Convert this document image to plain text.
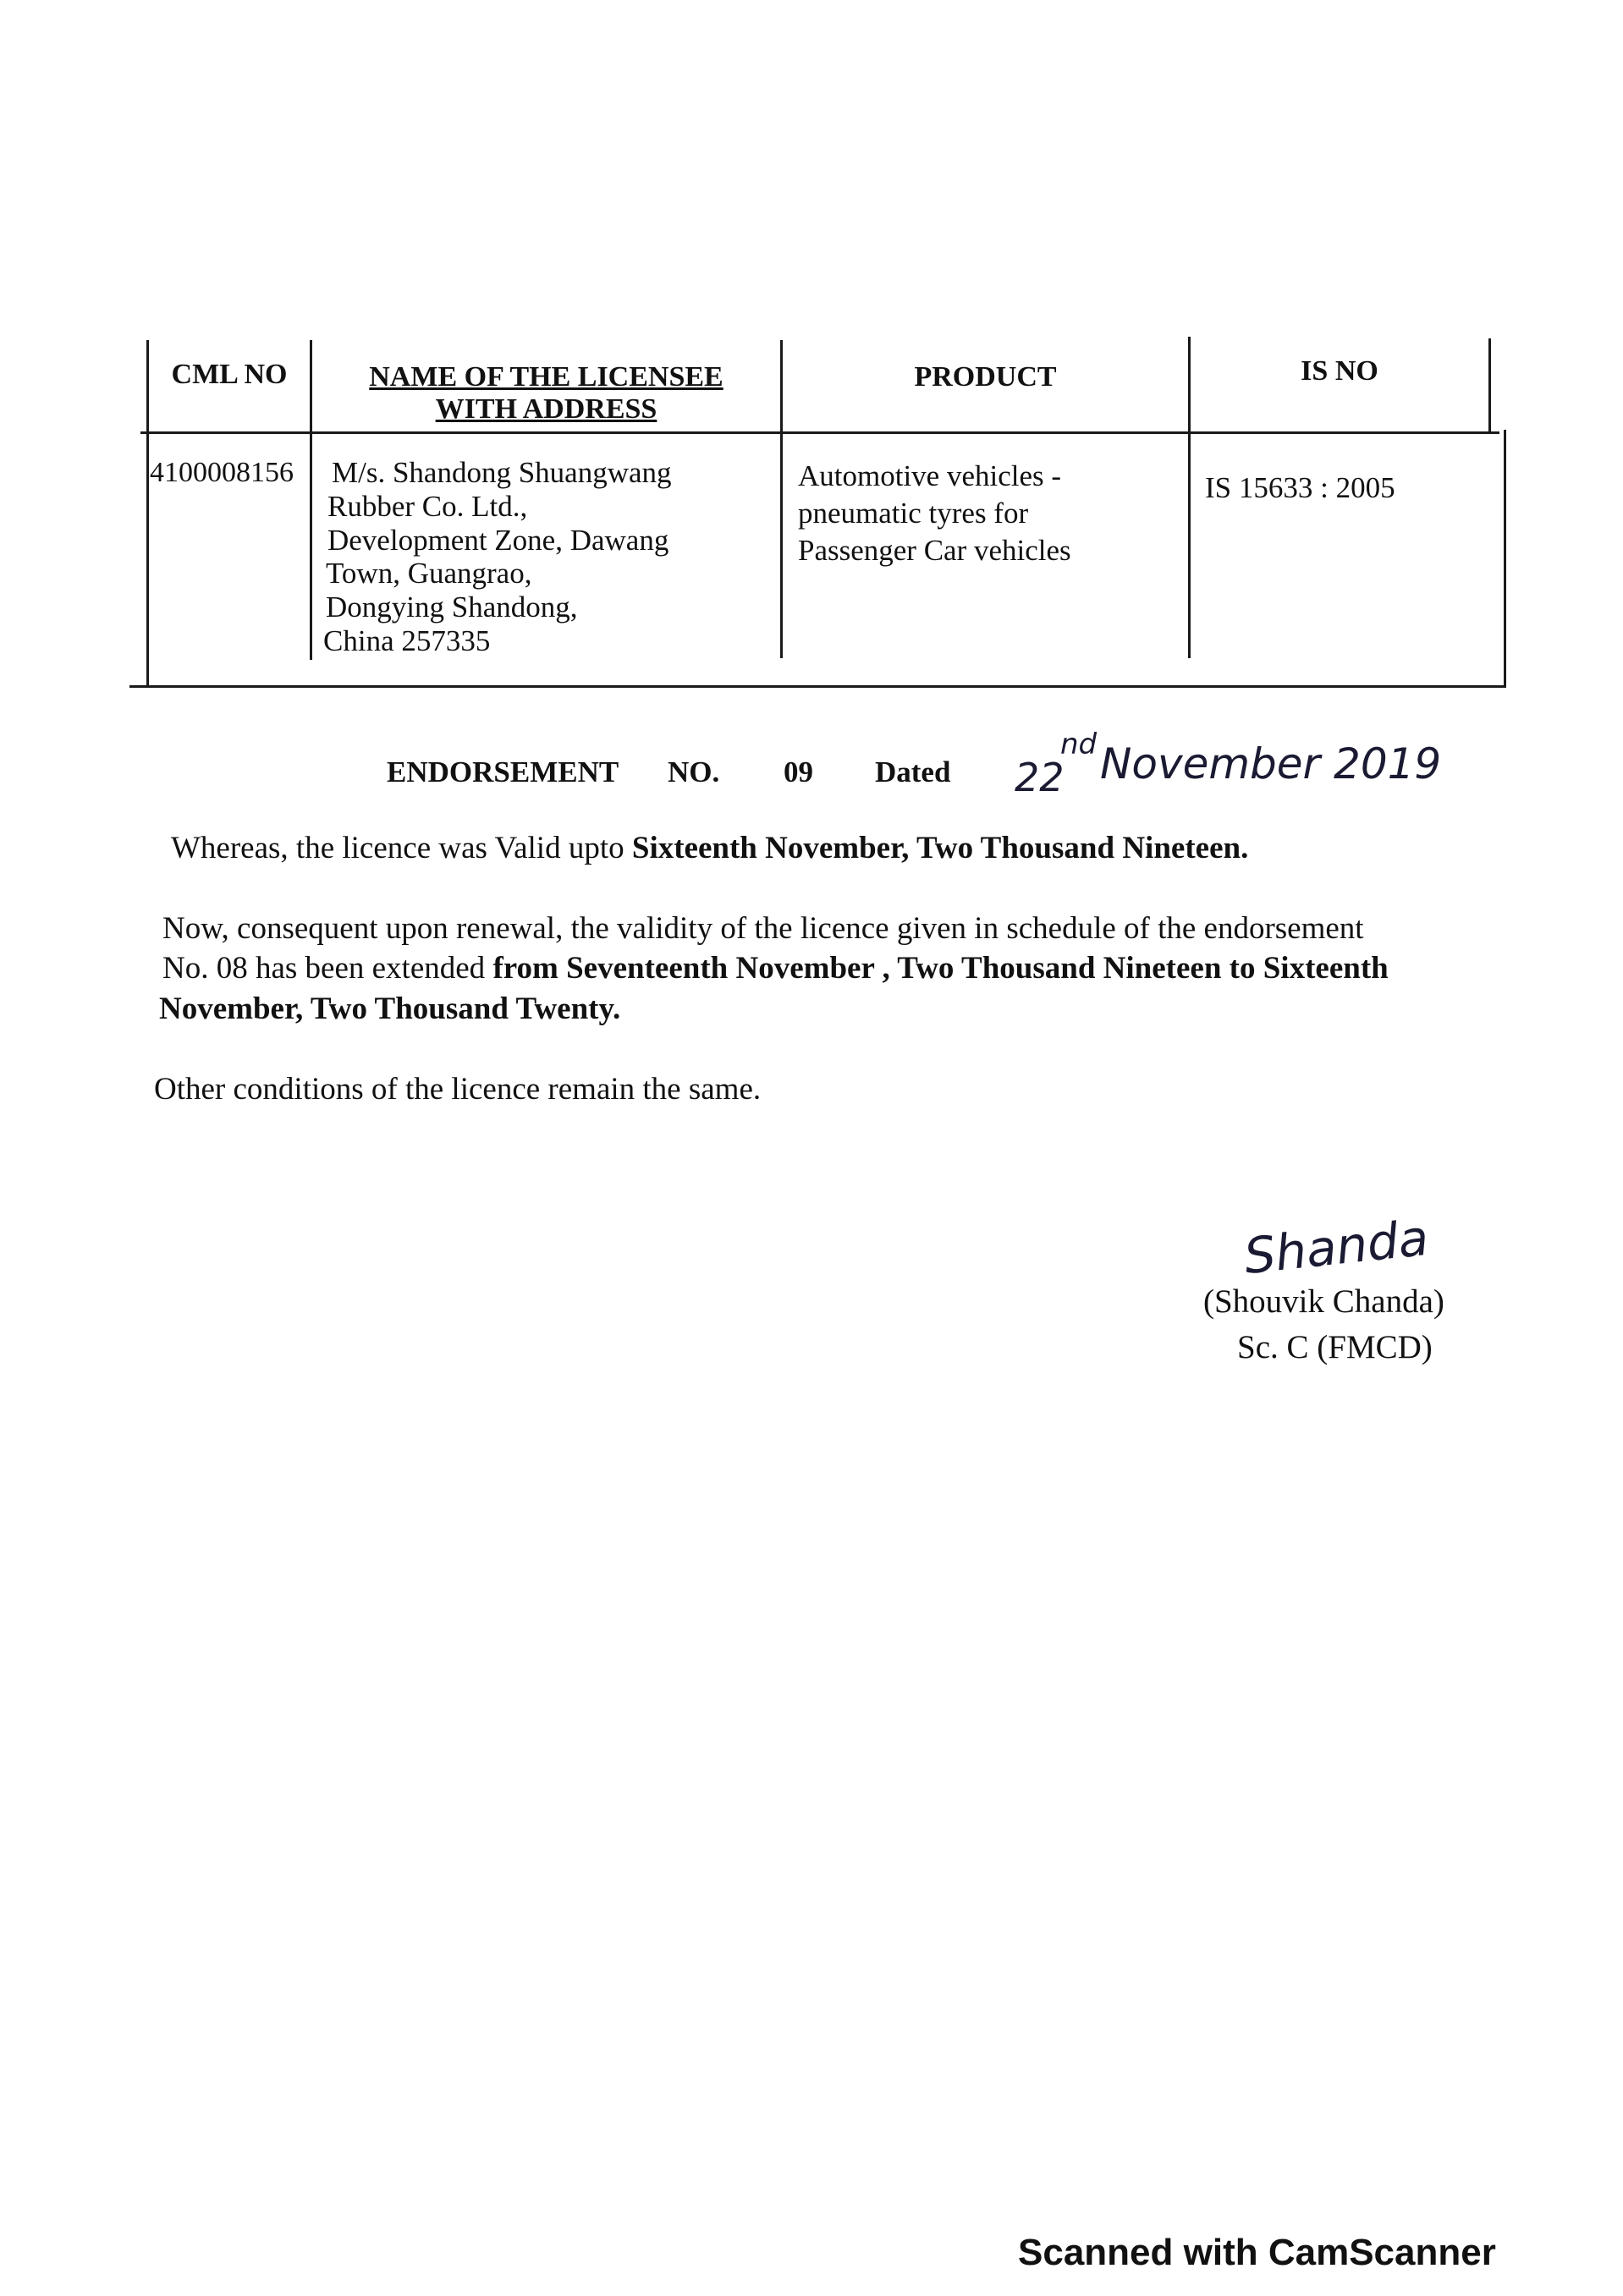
CML NO	NAME OF THE LICENSEE
WITH ADDRESS
PRODUCT	IS NO
4100008156 M/s. Shandong Shuangwang
Rubber Co. Ltd.,
Development Zone, Dawang
Town, Guangrao,
Dongying Shandong,
China 257335
Automotive vehicles -
pneumatic tyres for
Passenger Car vehicles
IS 15633 : 2005
ENDORSEMENT NO. 09 Dated 22
nd November 2019
Whereas, the licence was Valid upto Sixteenth November, Two Thousand Nineteen.
Now, consequent upon renewal, the validity of the licence given in schedule of the endorsement
No. 08 has been extended from Seventeenth November , Two Thousand Nineteen to Sixteenth
November, Two Thousand Twenty.
Other conditions of the licence remain the same.
Shanda
(Shouvik Chanda)
Sc. C (FMCD)
Scanned with CamScanner
